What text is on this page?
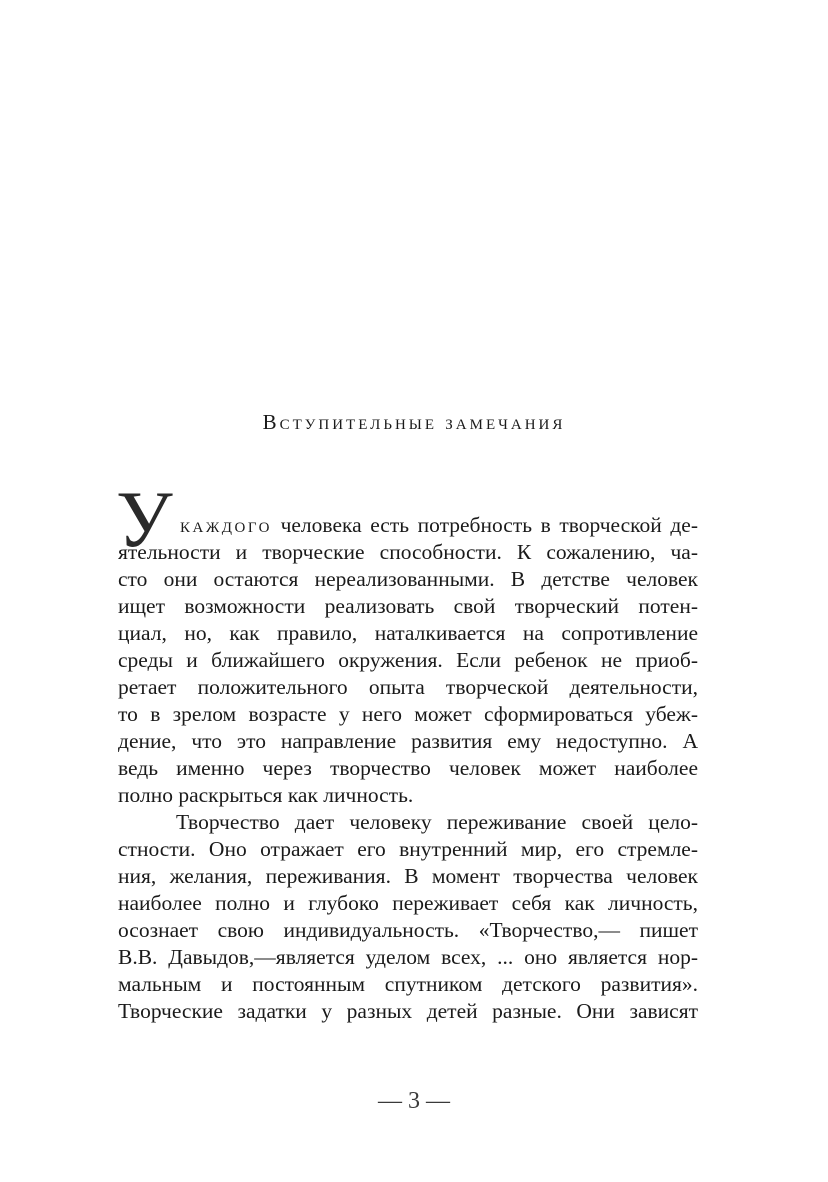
Вступительные замечания
У каждого человека есть потребность в творческой де-
ятельности и творческие способности. К сожалению, ча-
сто они остаются нереализованными. В детстве человек
ищет возможности реализовать свой творческий потен-
циал, но, как правило, наталкивается на сопротивление
среды и ближайшего окружения. Если ребенок не приоб-
ретает положительного опыта творческой деятельности,
то в зрелом возрасте у него может сформироваться убеж-
дение, что это направление развития ему недоступно. А
ведь именно через творчество человек может наиболее
полно раскрыться как личность.
Творчество дает человеку переживание своей цело-
стности. Оно отражает его внутренний мир, его стремле-
ния, желания, переживания. В момент творчества человек
наиболее полно и глубоко переживает себя как личность,
осознает свою индивидуальность. «Творчество,— пишет
В.В. Давыдов,—является уделом всех, ... оно является нор-
мальным и постоянным спутником детского развития».
Творческие задатки у разных детей разные. Они зависят

— 3 —
